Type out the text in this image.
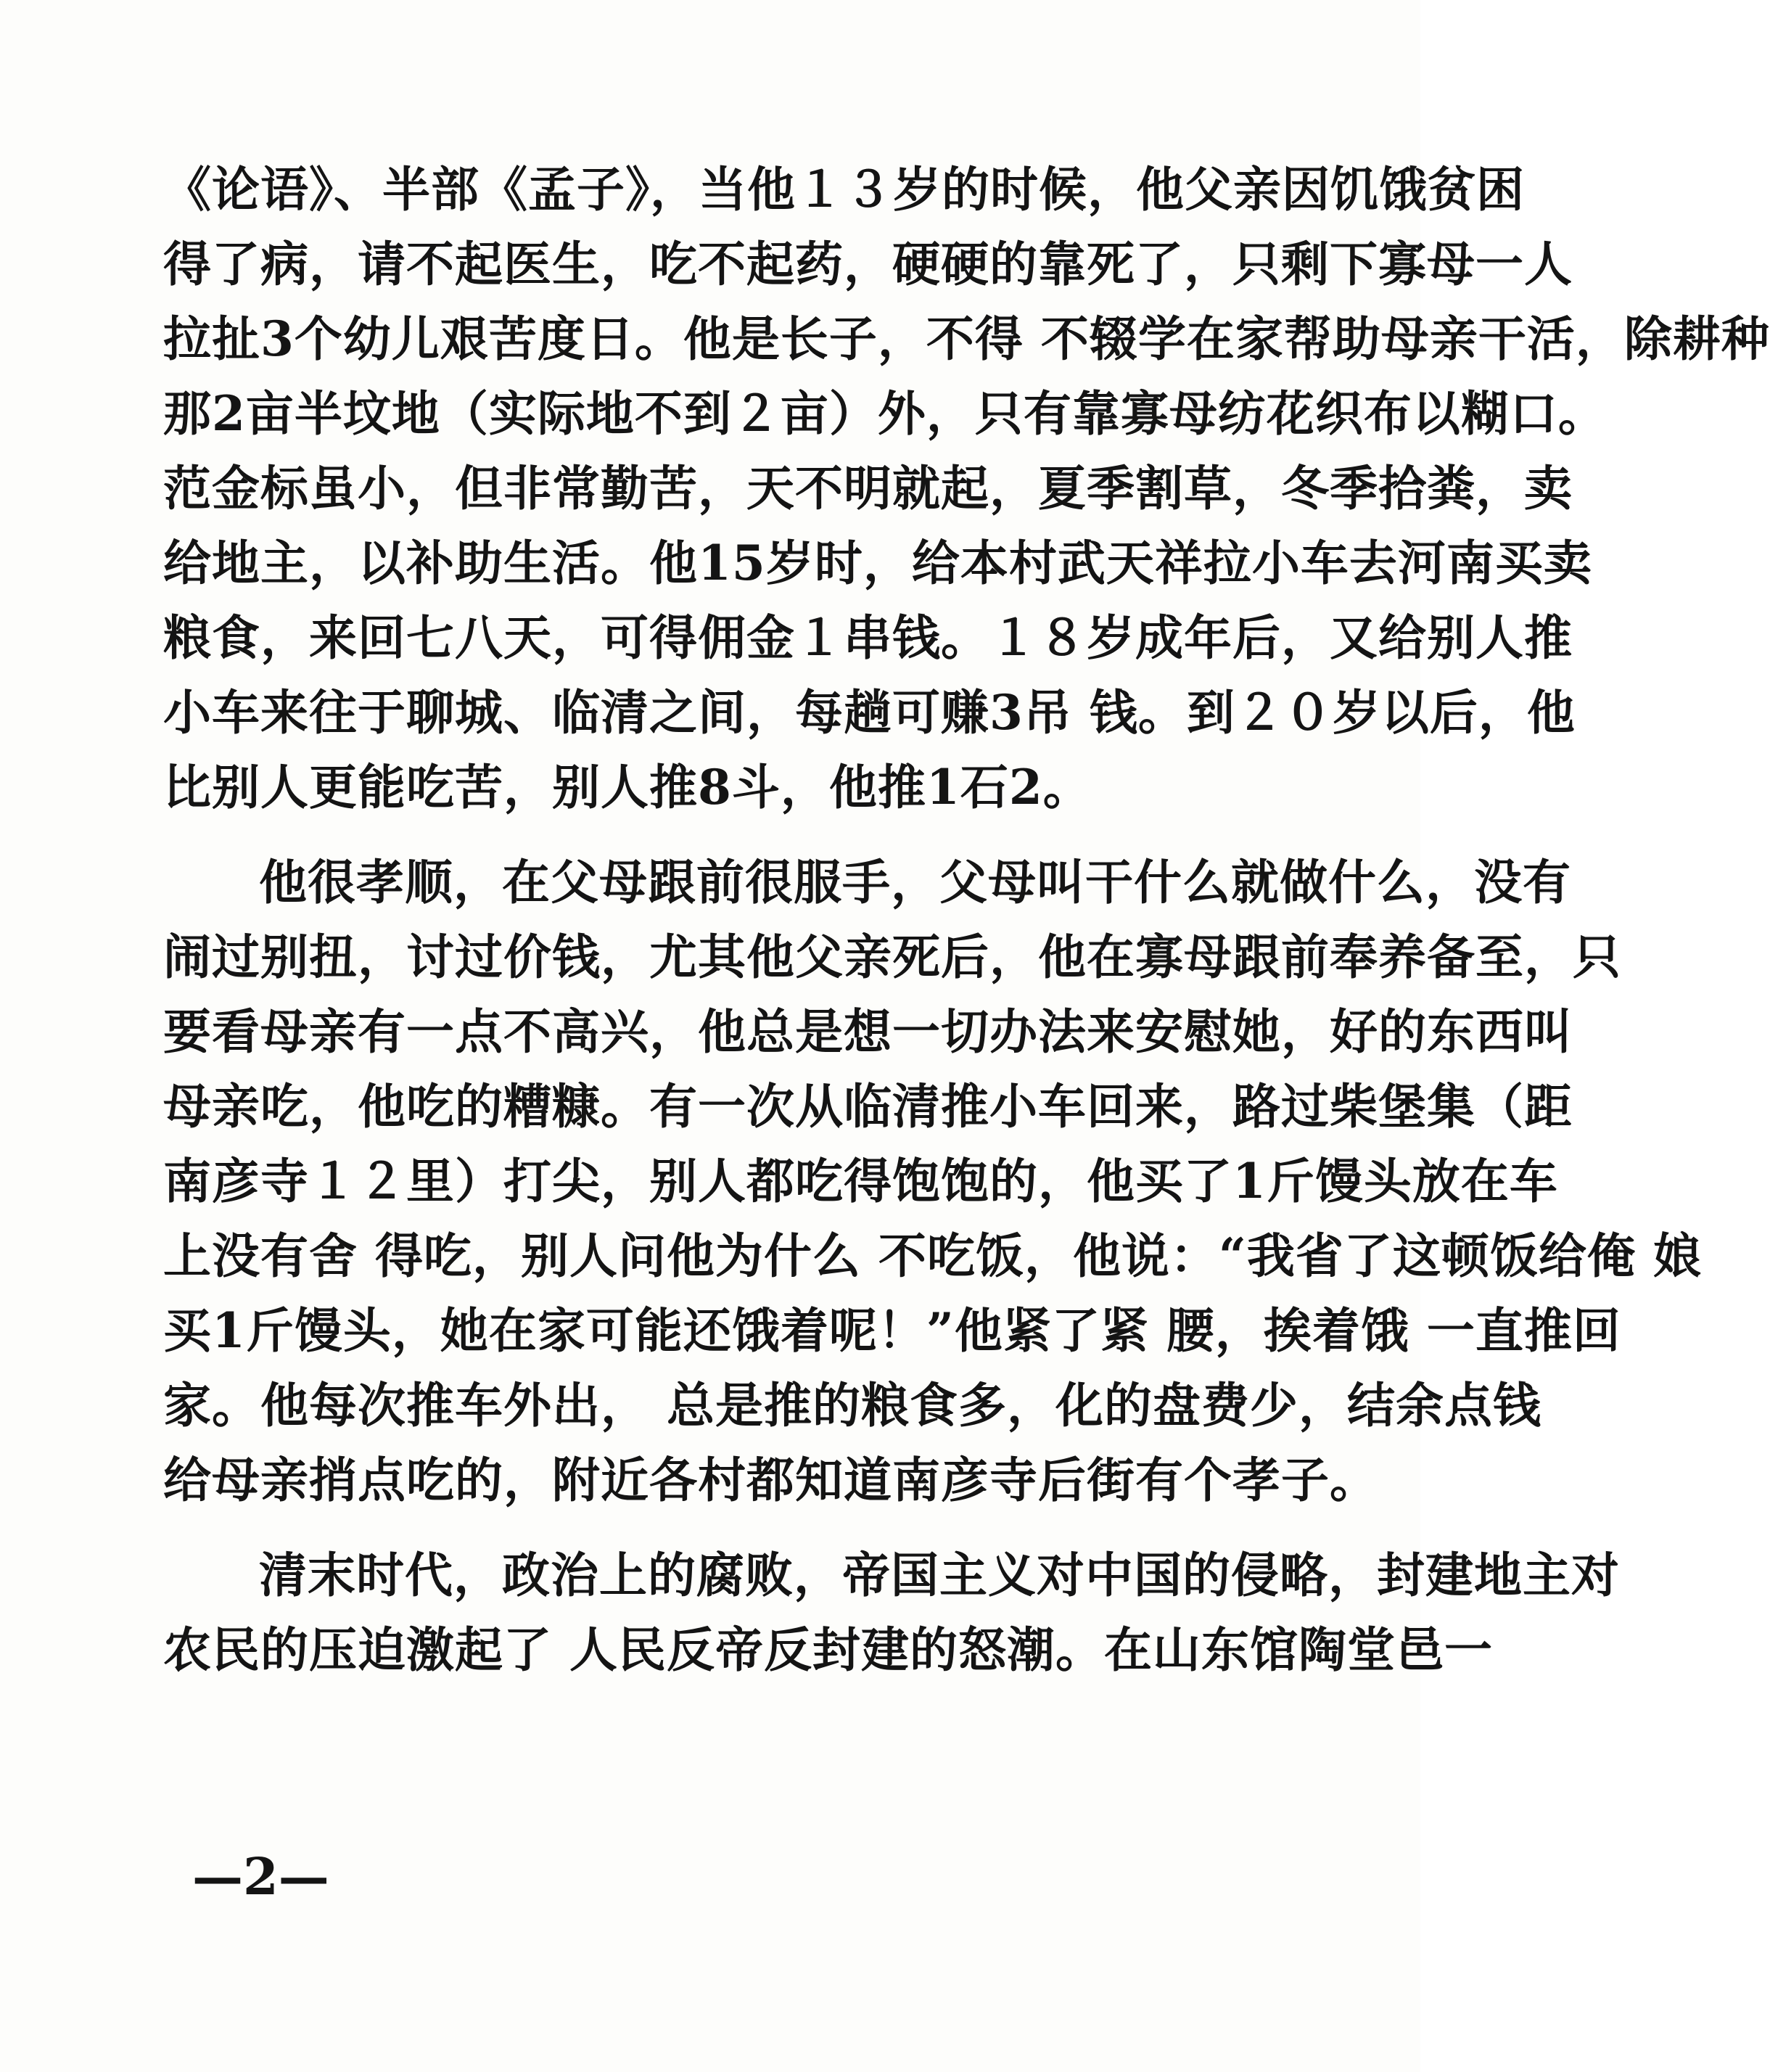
《论语》、半部《孟子》，当他１３岁的时候，他父亲因饥饿贫困
得了病，请不起医生，吃不起药，硬硬的靠死了，只剩下寡母一人
拉扯3个幼儿艰苦度日。他是长子，不得 不辍学在家帮助母亲干活，除耕种
那2亩半坟地（实际地不到２亩）外，只有靠寡母纺花织布以糊口。
范金标虽小，但非常勤苦，天不明就起，夏季割草，冬季拾粪，卖
给地主，以补助生活。他15岁时，给本村武天祥拉小车去河南买卖
粮食，来回七八天，可得佣金１串钱。１８岁成年后，又给别人推
小车来往于聊城、临清之间，每趟可赚3吊 钱。到２０岁以后，他
比别人更能吃苦，别人推8斗，他推1石2。
他很孝顺，在父母跟前很服手，父母叫干什么就做什么，没有
闹过别扭，讨过价钱，尤其他父亲死后，他在寡母跟前奉养备至，只
要看母亲有一点不高兴，他总是想一切办法来安慰她，好的东西叫
母亲吃，他吃的糟糠。有一次从临清推小车回来，路过柴堡集（距
南彦寺１２里）打尖，别人都吃得饱饱的，他买了1斤馒头放在车
上没有舍 得吃，别人问他为什么 不吃饭，他说：“我省了这顿饭给俺 娘
买1斤馒头，她在家可能还饿着呢！”他紧了紧 腰，挨着饿 一直推回
家。他每次推车外出， 总是推的粮食多，化的盘费少，结余点钱
给母亲捎点吃的，附近各村都知道南彦寺后街有个孝子。
清末时代，政治上的腐败，帝国主义对中国的侵略，封建地主对
农民的压迫激起了 人民反帝反封建的怒潮。在山东馆陶堂邑一
—2—
